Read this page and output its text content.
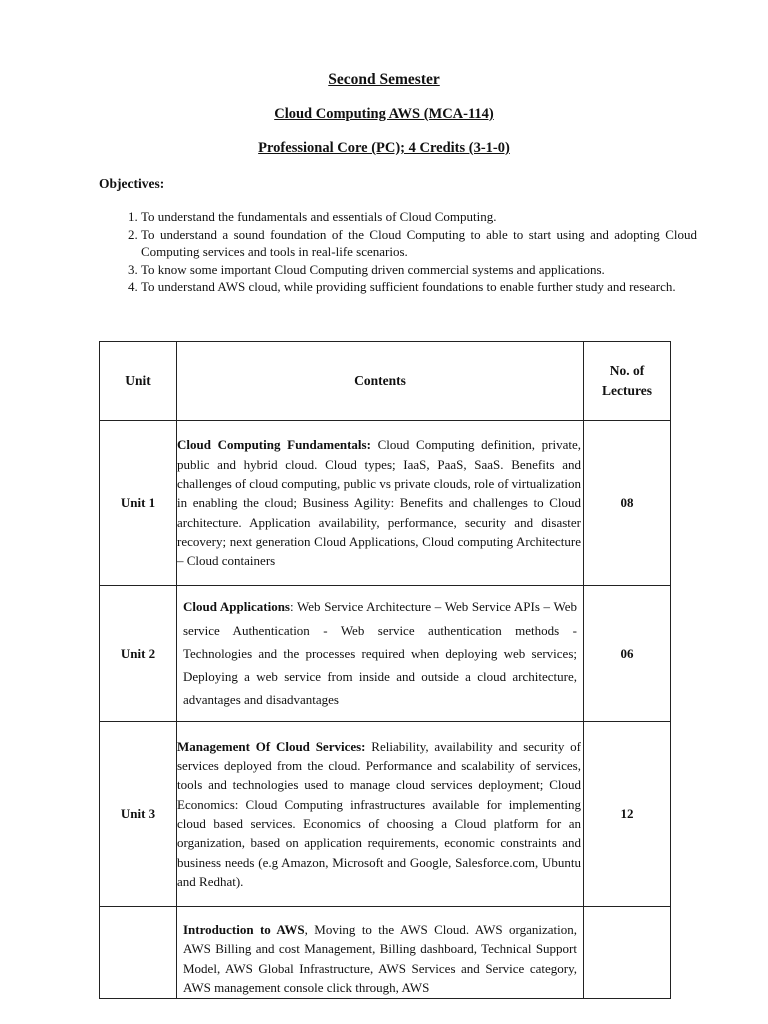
Second Semester
Cloud Computing AWS (MCA-114)
Professional Core (PC); 4 Credits (3-1-0)
Objectives:
1. To understand the fundamentals and essentials of Cloud Computing.
2. To understand a sound foundation of the Cloud Computing to able to start using and adopting Cloud Computing services and tools in real-life scenarios.
3. To know some important Cloud Computing driven commercial systems and applications.
4. To understand AWS cloud, while providing sufficient foundations to enable further study and research.
Unit	Contents	No. of Lectures
Unit 1	Cloud Computing Fundamentals: Cloud Computing definition, private, public and hybrid cloud. Cloud types; IaaS, PaaS, SaaS. Benefits and challenges of cloud computing, public vs private clouds, role of virtualization in enabling the cloud; Business Agility: Benefits and challenges to Cloud architecture. Application availability, performance, security and disaster recovery; next generation Cloud Applications, Cloud computing Architecture – Cloud containers	08
Unit 2	Cloud Applications: Web Service Architecture – Web Service APIs – Web service Authentication - Web service authentication methods - Technologies and the processes required when deploying web services; Deploying a web service from inside and outside a cloud architecture, advantages and disadvantages	06
Unit 3	Management Of Cloud Services: Reliability, availability and security of services deployed from the cloud. Performance and scalability of services, tools and technologies used to manage cloud services deployment; Cloud Economics: Cloud Computing infrastructures available for implementing cloud based services. Economics of choosing a Cloud platform for an organization, based on application requirements, economic constraints and business needs (e.g Amazon, Microsoft and Google, Salesforce.com, Ubuntu and Redhat).	12
	Introduction to AWS, Moving to the AWS Cloud. AWS organization, AWS Billing and cost Management, Billing dashboard, Technical Support Model, AWS Global Infrastructure, AWS Services and Service category, AWS management console click through, AWS	
